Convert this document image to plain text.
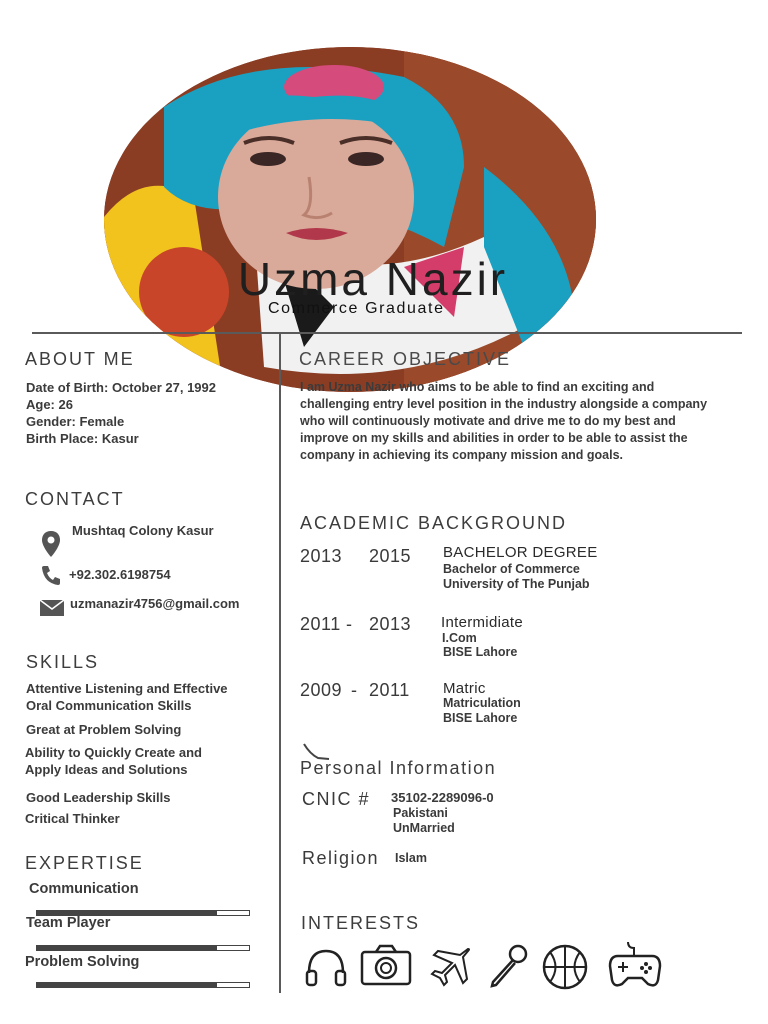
Uzma Nazir
Commerce Graduate
ABOUT ME
Date of Birth: October 27, 1992
Age: 26
Gender: Female
Birth Place: Kasur
CONTACT
Mushtaq Colony Kasur
+92.302.6198754
uzmanazir4756@gmail.com
SKILLS
Attentive Listening and Effective
Oral Communication Skills
Great at Problem Solving
Ability to Quickly Create and
Apply Ideas and Solutions
Good Leadership Skills
Critical Thinker
EXPERTISE
Communication
Team Player
Problem Solving
CAREER OBJECTIVE
I am Uzma Nazir who aims to be able to find an exciting and
challenging entry level position in the industry alongside a company
who will continuously motivate and drive me to do my best and
improve on my skills and abilities in order to be able to assist the
company in achieving its company mission and goals.
ACADEMIC BACKGROUND
2013 2015 BACHELOR DEGREE
Bachelor of Commerce
University of The Punjab
2011 - 2013 Intermidiate
I.Com
BISE Lahore
2009 - 2011 Matric
Matriculation
BISE Lahore
Personal Information
CNIC # 35102-2289096-0
Pakistani
UnMarried
Religion Islam
INTERESTS
